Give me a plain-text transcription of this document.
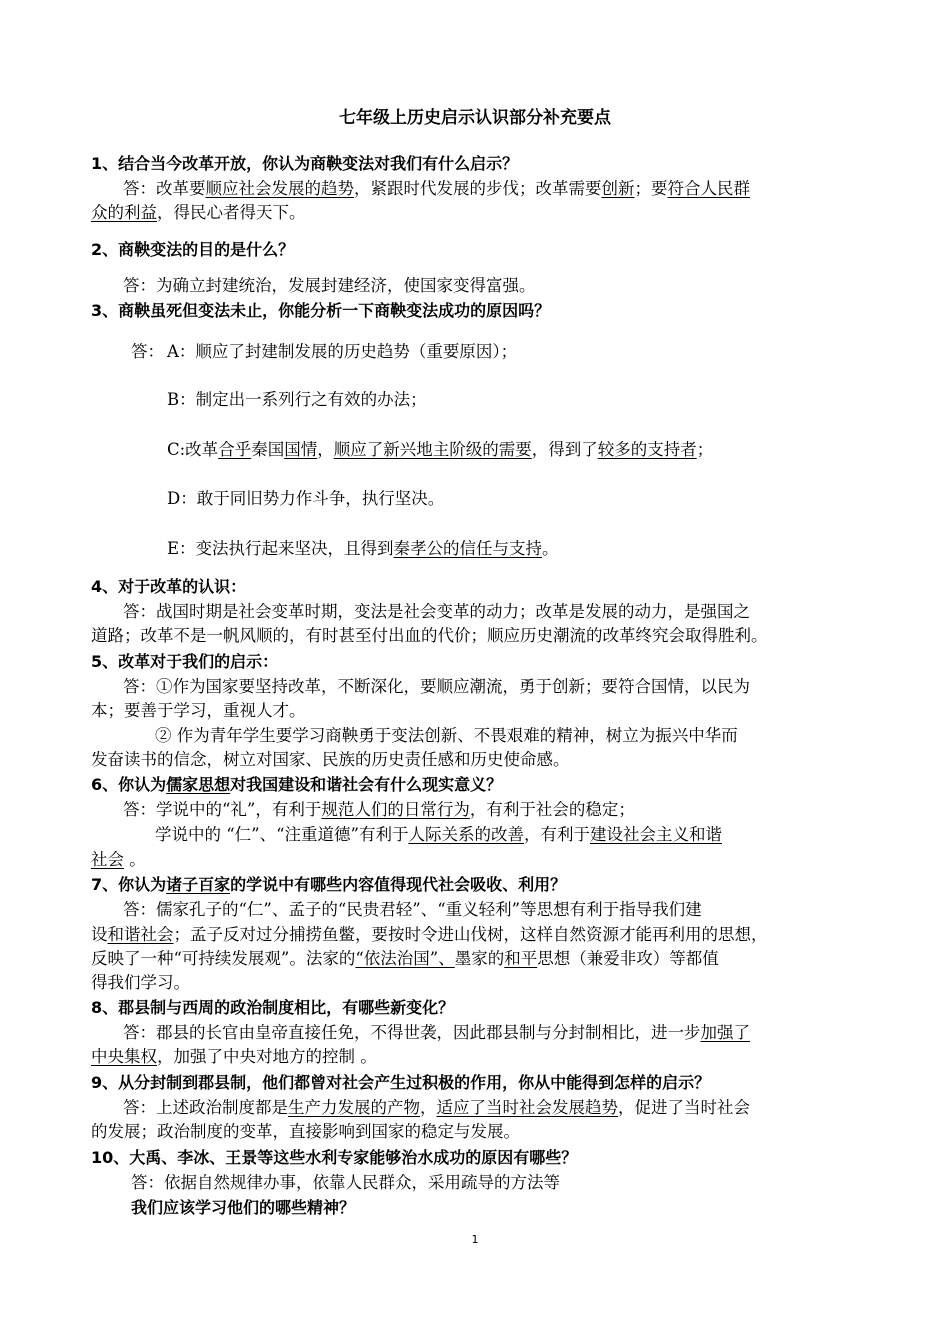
七年级上历史启示认识部分补充要点
1、结合当今改革开放，你认为商鞅变法对我们有什么启示？
答：改革要顺应社会发展的趋势，紧跟时代发展的步伐；改革需要创新；要符合人民群
众的利益，得民心者得天下。
2、商鞅变法的目的是什么？
答：为确立封建统治，发展封建经济，使国家变得富强。
3、商鞅虽死但变法未止，你能分析一下商鞅变法成功的原因吗？
答： A：顺应了封建制发展的历史趋势（重要原因）；
B：制定出一系列行之有效的办法；
C:改革合乎秦国国情，顺应了新兴地主阶级的需要，得到了较多的支持者；
D：敢于同旧势力作斗争，执行坚决。
E：变法执行起来坚决，且得到秦孝公的信任与支持。
4、对于改革的认识：
答：战国时期是社会变革时期，变法是社会变革的动力；改革是发展的动力，是强国之
道路；改革不是一帆风顺的，有时甚至付出血的代价；顺应历史潮流的改革终究会取得胜利。
5、改革对于我们的启示：
答：①作为国家要坚持改革，不断深化，要顺应潮流，勇于创新；要符合国情，以民为
本；要善于学习，重视人才。
② 作为青年学生要学习商鞅勇于变法创新、不畏艰难的精神，树立为振兴中华而
发奋读书的信念，树立对国家、民族的历史责任感和历史使命感。
6、你认为儒家思想对我国建设和谐社会有什么现实意义？
答：学说中的“礼”，有利于规范人们的日常行为，有利于社会的稳定；
学说中的 “仁”、“注重道德”有利于人际关系的改善，有利于建设社会主义和谐
社会 。
7、你认为诸子百家的学说中有哪些内容值得现代社会吸收、利用？
答：儒家孔子的“仁”、孟子的“民贵君轻”、“重义轻利”等思想有利于指导我们建
设和谐社会；孟子反对过分捕捞鱼鳖，要按时令进山伐树，这样自然资源才能再利用的思想，
反映了一种“可持续发展观”。法家的“依法治国”、墨家的和平思想（兼爱非攻）等都值
得我们学习。
8、郡县制与西周的政治制度相比，有哪些新变化？
答：郡县的长官由皇帝直接任免，不得世袭，因此郡县制与分封制相比，进一步加强了
中央集权，加强了中央对地方的控制 。
9、从分封制到郡县制，他们都曾对社会产生过积极的作用，你从中能得到怎样的启示？
答：上述政治制度都是生产力发展的产物，适应了当时社会发展趋势，促进了当时社会
的发展；政治制度的变革，直接影响到国家的稳定与发展。
10、大禹、李冰、王景等这些水利专家能够治水成功的原因有哪些？
答：依据自然规律办事，依靠人民群众，采用疏导的方法等
我们应该学习他们的哪些精神？
1
